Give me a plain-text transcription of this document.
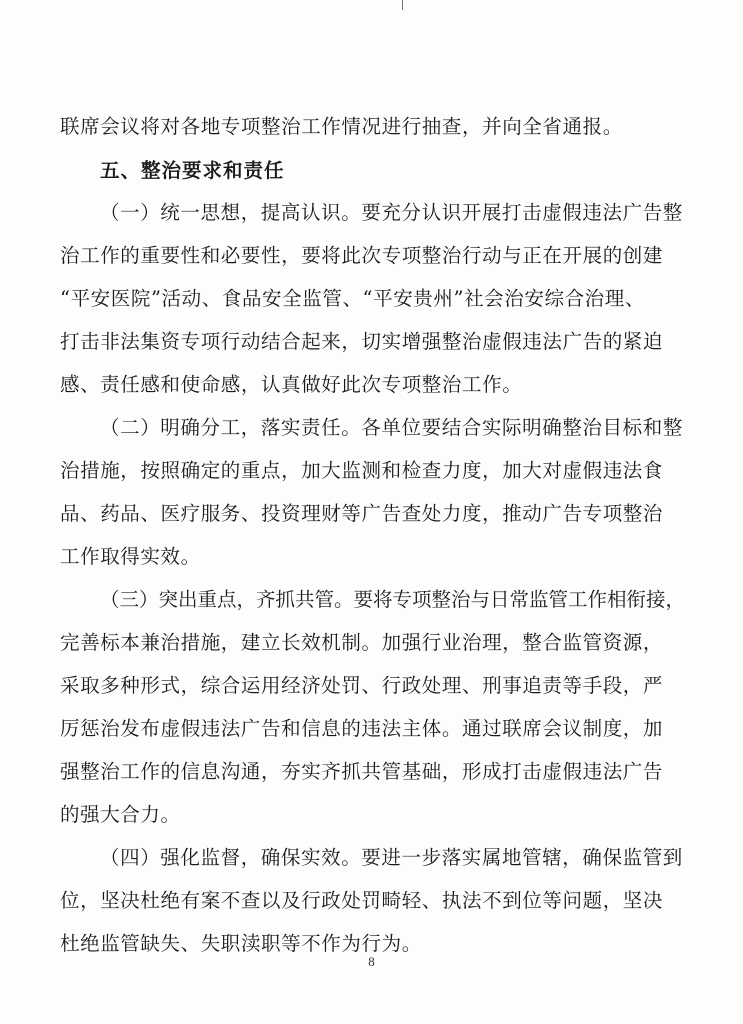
联席会议将对各地专项整治工作情况进行抽查，并向全省通报。
五、整治要求和责任
（一）统一思想，提高认识。要充分认识开展打击虚假违法广告整
治工作的重要性和必要性，要将此次专项整治行动与正在开展的创建
“平安医院”活动、食品安全监管、“平安贵州”社会治安综合治理、
打击非法集资专项行动结合起来，切实增强整治虚假违法广告的紧迫
感、责任感和使命感，认真做好此次专项整治工作。
（二）明确分工，落实责任。各单位要结合实际明确整治目标和整
治措施，按照确定的重点，加大监测和检查力度，加大对虚假违法食
品、药品、医疗服务、投资理财等广告查处力度，推动广告专项整治
工作取得实效。
（三）突出重点，齐抓共管。要将专项整治与日常监管工作相衔接，
完善标本兼治措施，建立长效机制。加强行业治理，整合监管资源，
采取多种形式，综合运用经济处罚、行政处理、刑事追责等手段，严
厉惩治发布虚假违法广告和信息的违法主体。通过联席会议制度，加
强整治工作的信息沟通，夯实齐抓共管基础，形成打击虚假违法广告
的强大合力。
（四）强化监督，确保实效。要进一步落实属地管辖，确保监管到
位，坚决杜绝有案不查以及行政处罚畸轻、执法不到位等问题，坚决
杜绝监管缺失、失职渎职等不作为行为。
8
